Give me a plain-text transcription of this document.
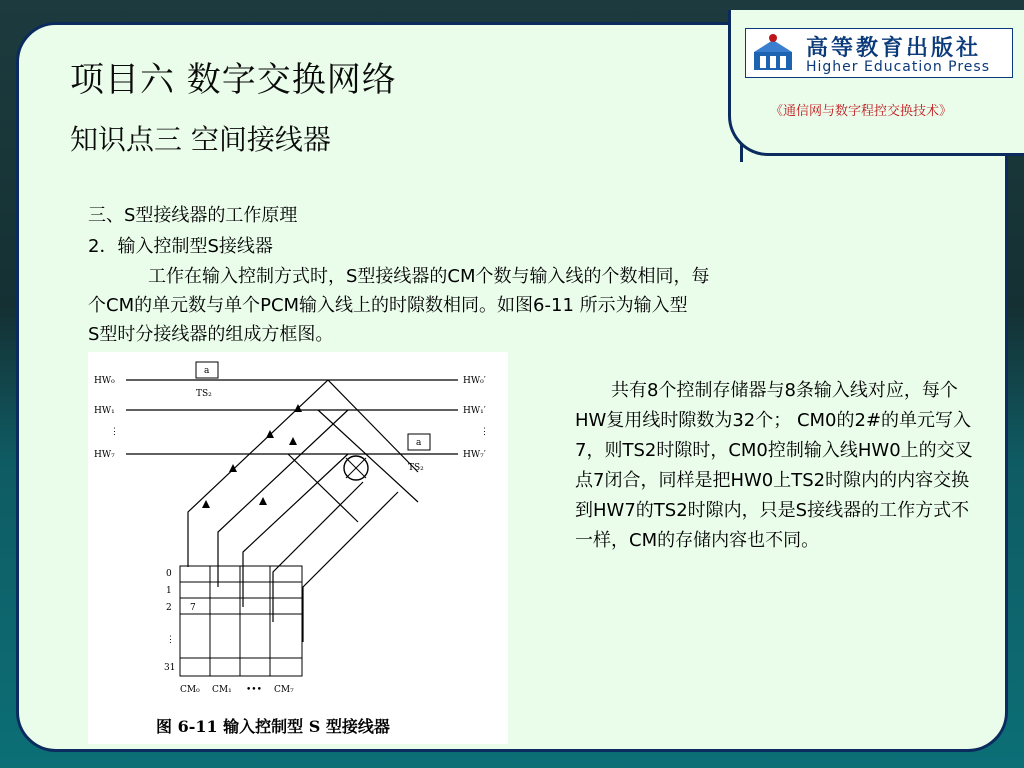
高等教育出版社
Higher Education Press
《通信网与数字程控交换技术》
项目六 数字交换网络
知识点三 空间接线器
三、S型接线器的工作原理
2．输入控制型S接线器
工作在输入控制方式时，S型接线器的CM个数与输入线的个数相同，每
个CM的单元数与单个PCM输入线上的时隙数相同。如图6-11 所示为输入型
S型时分接线器的组成方框图。
⋮	⋮
HW₀
HW₁
HW₇
HW₀′
HW₁′
HW₇′
a
TS₂
a
TS₂
0
1
2
⋮
31
7
CM₀ CM₁ ••• CM₇
图 6-11 输入控制型 S 型接线器
共有8个控制存储器与8条输入线对应，每个HW复用线时隙数为32个； CM0的2#的单元写入7，则TS2时隙时，CM0控制输入线HW0上的交叉点7闭合，同样是把HW0上TS2时隙内的内容交换到HW7的TS2时隙内，只是S接线器的工作方式不一样，CM的存储内容也不同。
